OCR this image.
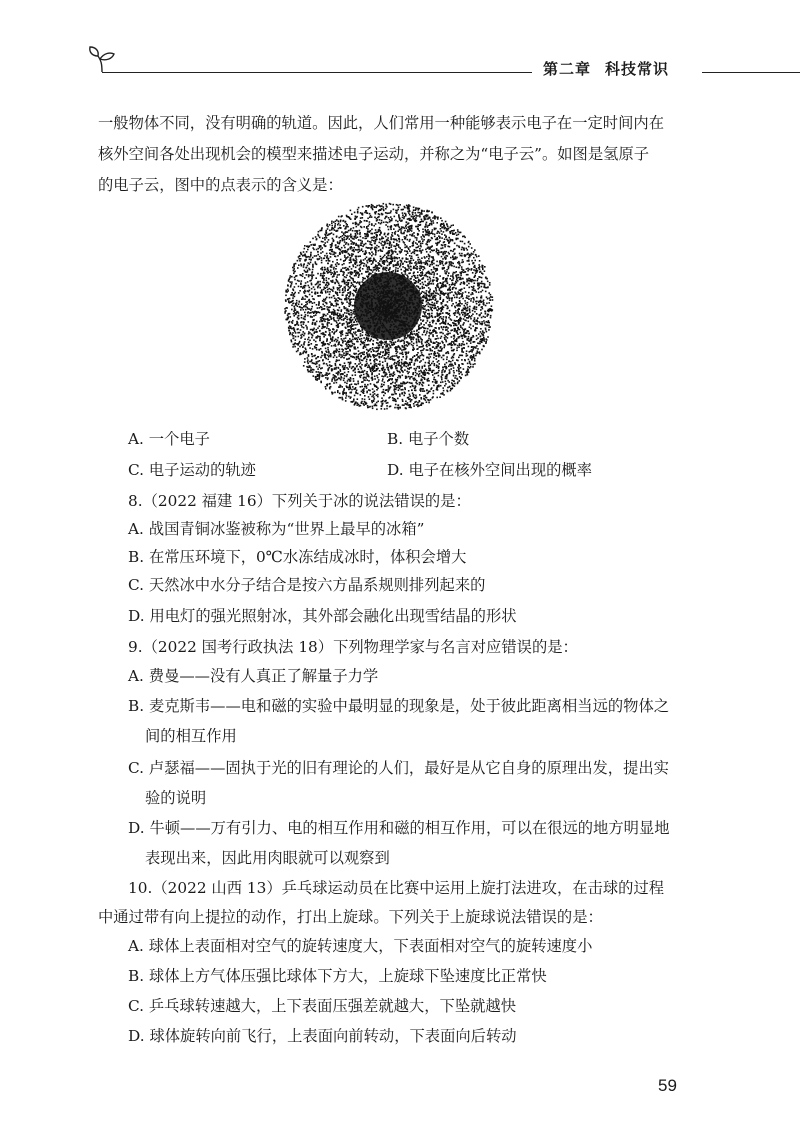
第二章 科技常识
一般物体不同，没有明确的轨道。因此，人们常用一种能够表示电子在一定时间内在
核外空间各处出现机会的模型来描述电子运动，并称之为“电子云”。如图是氢原子
的电子云，图中的点表示的含义是：
A. 一个电子	B. 电子个数
C. 电子运动的轨迹	D. 电子在核外空间出现的概率
8.（2022 福建 16）下列关于冰的说法错误的是：
A. 战国青铜冰鉴被称为“世界上最早的冰箱”
B. 在常压环境下，0℃水冻结成冰时，体积会增大
C. 天然冰中水分子结合是按六方晶系规则排列起来的
D. 用电灯的强光照射冰，其外部会融化出现雪结晶的形状
9.（2022 国考行政执法 18）下列物理学家与名言对应错误的是：
A. 费曼——没有人真正了解量子力学
B. 麦克斯韦——电和磁的实验中最明显的现象是，处于彼此距离相当远的物体之
间的相互作用
C. 卢瑟福——固执于光的旧有理论的人们，最好是从它自身的原理出发，提出实
验的说明
D. 牛顿——万有引力、电的相互作用和磁的相互作用，可以在很远的地方明显地
表现出来，因此用肉眼就可以观察到
10.（2022 山西 13）乒乓球运动员在比赛中运用上旋打法进攻，在击球的过程
中通过带有向上提拉的动作，打出上旋球。下列关于上旋球说法错误的是：
A. 球体上表面相对空气的旋转速度大，下表面相对空气的旋转速度小
B. 球体上方气体压强比球体下方大，上旋球下坠速度比正常快
C. 乒乓球转速越大，上下表面压强差就越大，下坠就越快
D. 球体旋转向前飞行，上表面向前转动，下表面向后转动
59
